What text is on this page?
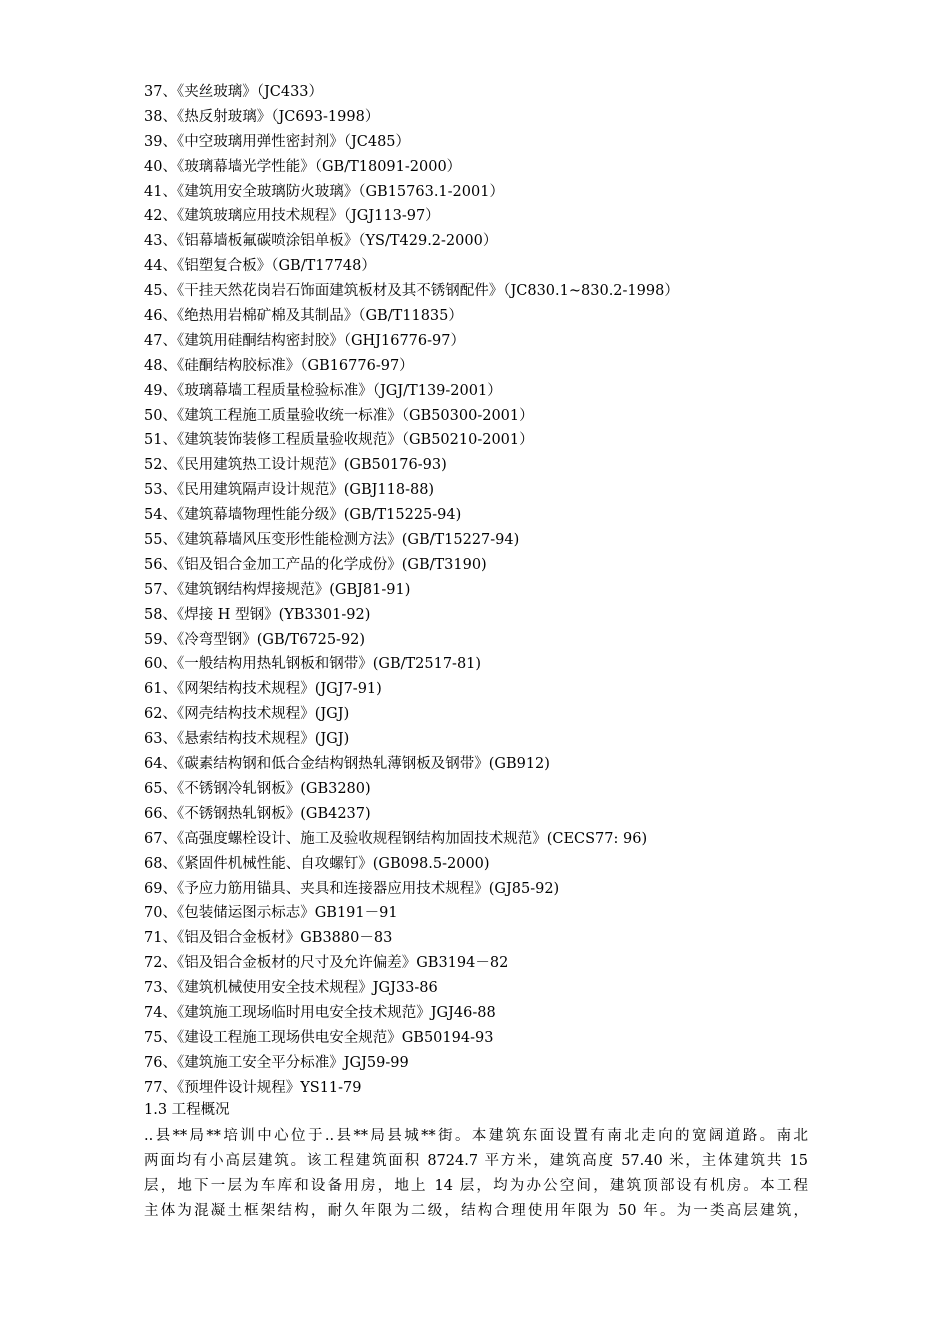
37、《夹丝玻璃》（JC433）
38、《热反射玻璃》（JC693-1998）
39、《中空玻璃用弹性密封剂》（JC485）
40、《玻璃幕墙光学性能》（GB/T18091-2000）
41、《建筑用安全玻璃防火玻璃》（GB15763.1-2001）
42、《建筑玻璃应用技术规程》（JGJ113-97）
43、《铝幕墙板氟碳喷涂铝单板》（YS/T429.2-2000）
44、《铝塑复合板》（GB/T17748）
45、《干挂天然花岗岩石饰面建筑板材及其不锈钢配件》（JC830.1~830.2-1998）
46、《绝热用岩棉矿棉及其制品》（GB/T11835）
47、《建筑用硅酮结构密封胶》（GHJ16776-97）
48、《硅酮结构胶标准》（GB16776-97）
49、《玻璃幕墙工程质量检验标准》（JGJ/T139-2001）
50、《建筑工程施工质量验收统一标准》（GB50300-2001）
51、《建筑装饰装修工程质量验收规范》（GB50210-2001）
52、《民用建筑热工设计规范》(GB50176-93)
53、《民用建筑隔声设计规范》(GBJ118-88)
54、《建筑幕墙物理性能分级》(GB/T15225-94)
55、《建筑幕墙风压变形性能检测方法》(GB/T15227-94)
56、《铝及铝合金加工产品的化学成份》(GB/T3190)
57、《建筑钢结构焊接规范》(GBJ81-91)
58、《焊接 H 型钢》(YB3301-92)
59、《冷弯型钢》(GB/T6725-92)
60、《一般结构用热轧钢板和钢带》(GB/T2517-81)
61、《网架结构技术规程》(JGJ7-91)
62、《网壳结构技术规程》(JGJ)
63、《悬索结构技术规程》(JGJ)
64、《碳素结构钢和低合金结构钢热轧薄钢板及钢带》(GB912)
65、《不锈钢冷轧钢板》(GB3280)
66、《不锈钢热轧钢板》(GB4237)
67、《高强度螺栓设计、施工及验收规程钢结构加固技术规范》(CECS77: 96)
68、《紧固件机械性能、自攻螺钉》(GB098.5-2000)
69、《予应力筋用锚具、夹具和连接器应用技术规程》(GJ85-92)
70、《包装储运图示标志》GB191－91
71、《铝及铝合金板材》GB3880－83
72、《铝及铝合金板材的尺寸及允许偏差》GB3194－82
73、《建筑机械使用安全技术规程》JGJ33-86
74、《建筑施工现场临时用电安全技术规范》JGJ46-88
75、《建设工程施工现场供电安全规范》GB50194-93
76、《建筑施工安全平分标准》JGJ59-99
77、《预埋件设计规程》YS11-79
1.3 工程概况
..县**局**培训中心位于..县**局县城**街。本建筑东面设置有南北走向的宽阔道路。南北
两面均有小高层建筑。该工程建筑面积 8724.7 平方米，建筑高度 57.40 米，主体建筑共 15
层，地下一层为车库和设备用房，地上 14 层，均为办公空间，建筑顶部设有机房。本工程
主体为混凝土框架结构，耐久年限为二级，结构合理使用年限为 50 年。为一类高层建筑，
